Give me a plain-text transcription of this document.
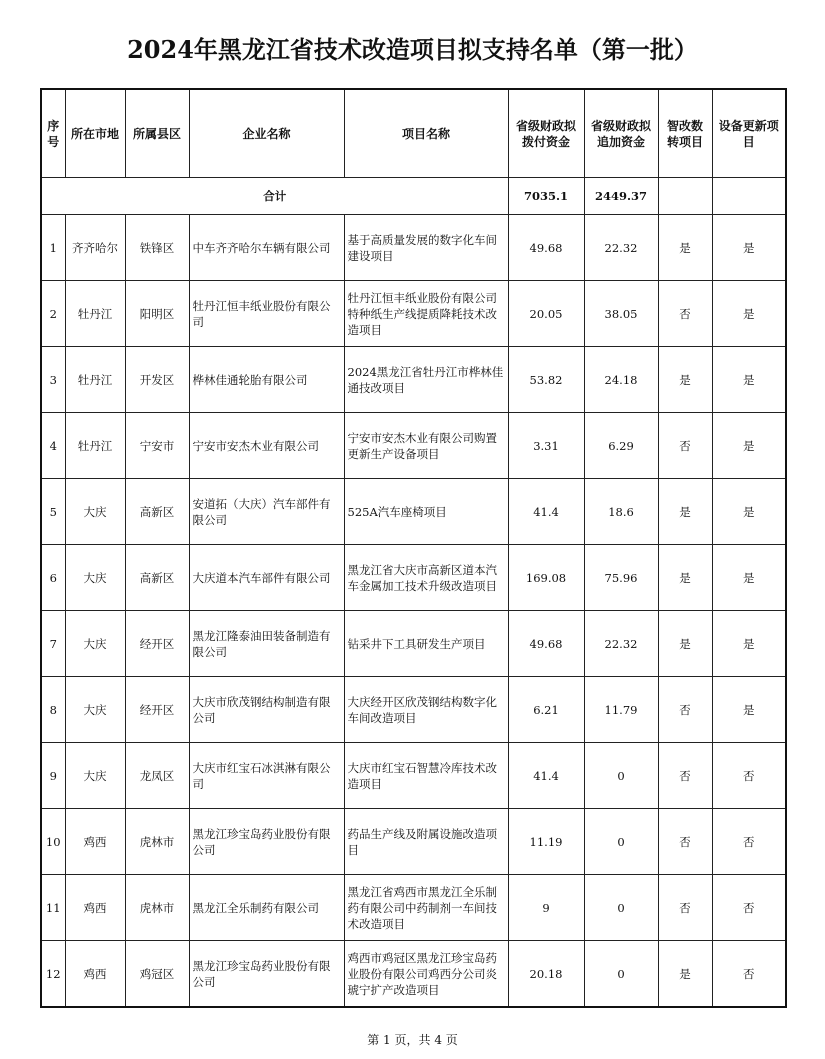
2024年黑龙江省技术改造项目拟支持名单（第一批）
序号	所在市地	所属县区	企业名称	项目名称	省级财政拟拨付资金	省级财政拟追加资金	智改数转项目	设备更新项目
合计					7035.1	2449.37		
1	齐齐哈尔	铁锋区	中车齐齐哈尔车辆有限公司	基于高质量发展的数字化车间建设项目	49.68	22.32	是	是
2	牡丹江	阳明区	牡丹江恒丰纸业股份有限公司	牡丹江恒丰纸业股份有限公司特种纸生产线提质降耗技术改造项目	20.05	38.05	否	是
3	牡丹江	开发区	桦林佳通轮胎有限公司	2024黑龙江省牡丹江市桦林佳通技改项目	53.82	24.18	是	是
4	牡丹江	宁安市	宁安市安杰木业有限公司	宁安市安杰木业有限公司购置更新生产设备项目	3.31	6.29	否	是
5	大庆	高新区	安道拓（大庆）汽车部件有限公司	525A汽车座椅项目	41.4	18.6	是	是
6	大庆	高新区	大庆道本汽车部件有限公司	黑龙江省大庆市高新区道本汽车金属加工技术升级改造项目	169.08	75.96	是	是
7	大庆	经开区	黑龙江隆泰油田装备制造有限公司	钻采井下工具研发生产项目	49.68	22.32	是	是
8	大庆	经开区	大庆市欣茂钢结构制造有限公司	大庆经开区欣茂钢结构数字化车间改造项目	6.21	11.79	否	是
9	大庆	龙凤区	大庆市红宝石冰淇淋有限公司	大庆市红宝石智慧冷库技术改造项目	41.4	0	否	否
10	鸡西	虎林市	黑龙江珍宝岛药业股份有限公司	药品生产线及附属设施改造项目	11.19	0	否	否
11	鸡西	虎林市	黑龙江全乐制药有限公司	黑龙江省鸡西市黑龙江全乐制药有限公司中药制剂一车间技术改造项目	9	0	否	否
12	鸡西	鸡冠区	黑龙江珍宝岛药业股份有限公司	鸡西市鸡冠区黑龙江珍宝岛药业股份有限公司鸡西分公司炎琥宁扩产改造项目	20.18	0	是	否
第 1 页，共 4 页
